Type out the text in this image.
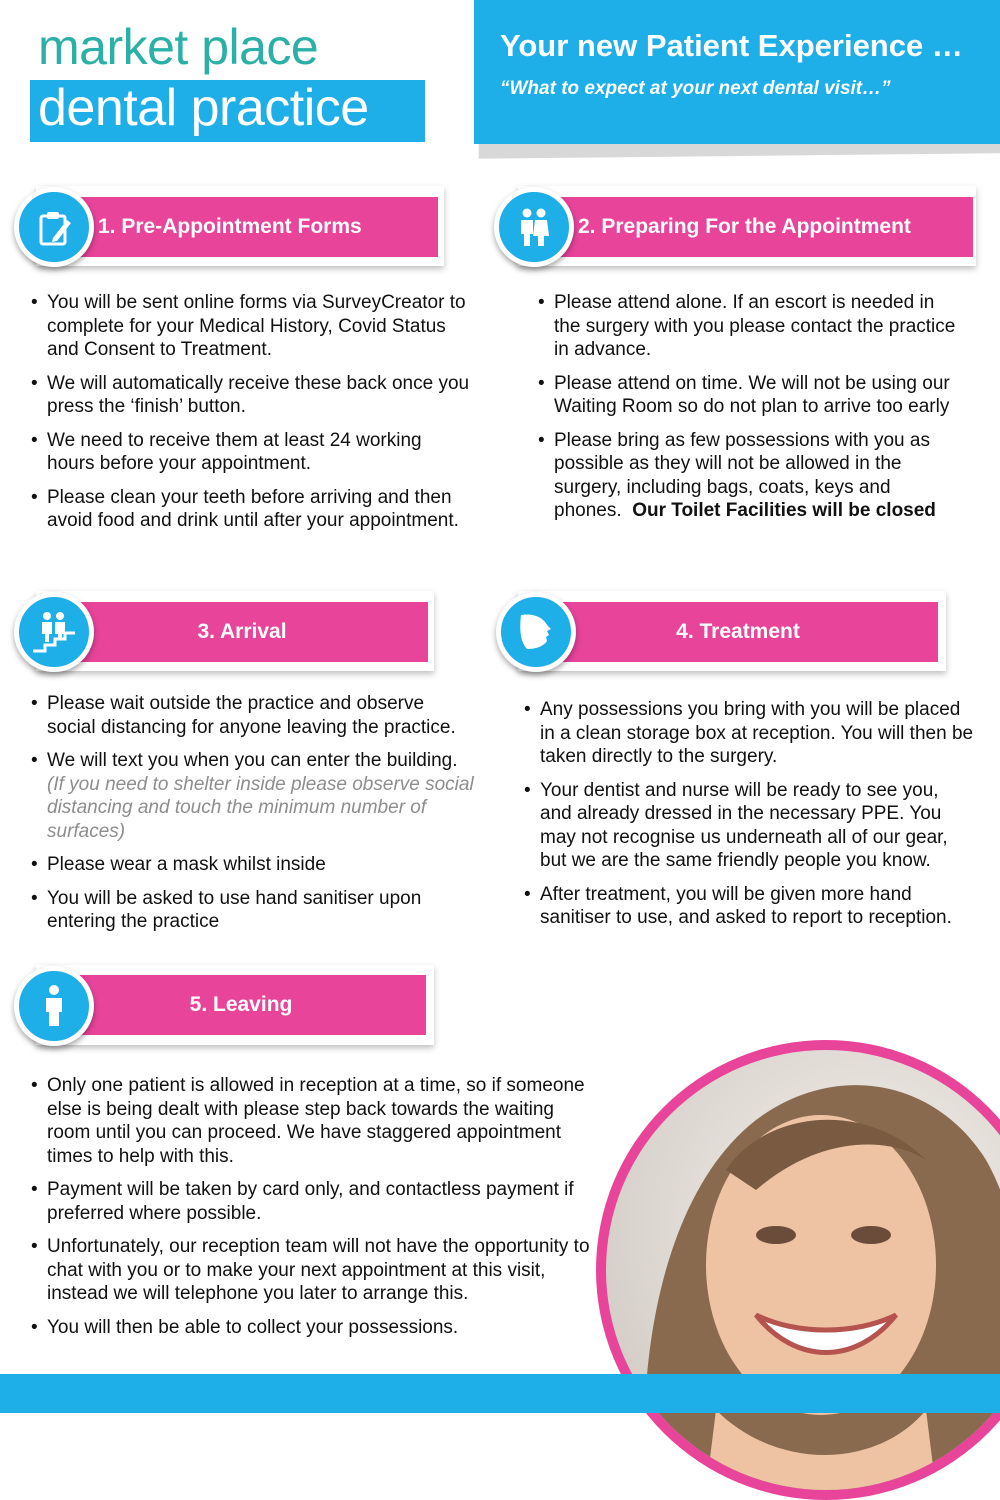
market place
dental practice
Your new Patient Experience …
“What to expect at your next dental visit…”
1. Pre-Appointment Forms	2. Preparing For the Appointment
3. Arrival	4. Treatment
5. Leaving
• You will be sent online forms via SurveyCreator to complete for your Medical History, Covid Status and Consent to Treatment.
• We will automatically receive these back once you press the ‘finish’ button.
• We need to receive them at least 24 working hours before your appointment.
• Please clean your teeth before arriving and then avoid food and drink until after your appointment.
• Please attend alone. If an escort is needed in the surgery with you please contact the practice in advance.
• Please attend on time. We will not be using our Waiting Room so do not plan to arrive too early
• Please bring as few possessions with you as possible as they will not be allowed in the surgery, including bags, coats, keys and phones. Our Toilet Facilities will be closed
• Please wait outside the practice and observe social distancing for anyone leaving the practice.
• We will text you when you can enter the building. (If you need to shelter inside please observe social distancing and touch the minimum number of surfaces)
• Please wear a mask whilst inside
• You will be asked to use hand sanitiser upon entering the practice
• Any possessions you bring with you will be placed in a clean storage box at reception. You will then be taken directly to the surgery.
• Your dentist and nurse will be ready to see you, and already dressed in the necessary PPE. You may not recognise us underneath all of our gear, but we are the same friendly people you know.
• After treatment, you will be given more hand sanitiser to use, and asked to report to reception.
• Only one patient is allowed in reception at a time, so if someone else is being dealt with please step back towards the waiting room until you can proceed. We have staggered appointment times to help with this.
• Payment will be taken by card only, and contactless payment if preferred where possible.
• Unfortunately, our reception team will not have the opportunity to chat with you or to make your next appointment at this visit, instead we will telephone you later to arrange this.
• You will then be able to collect your possessions.
